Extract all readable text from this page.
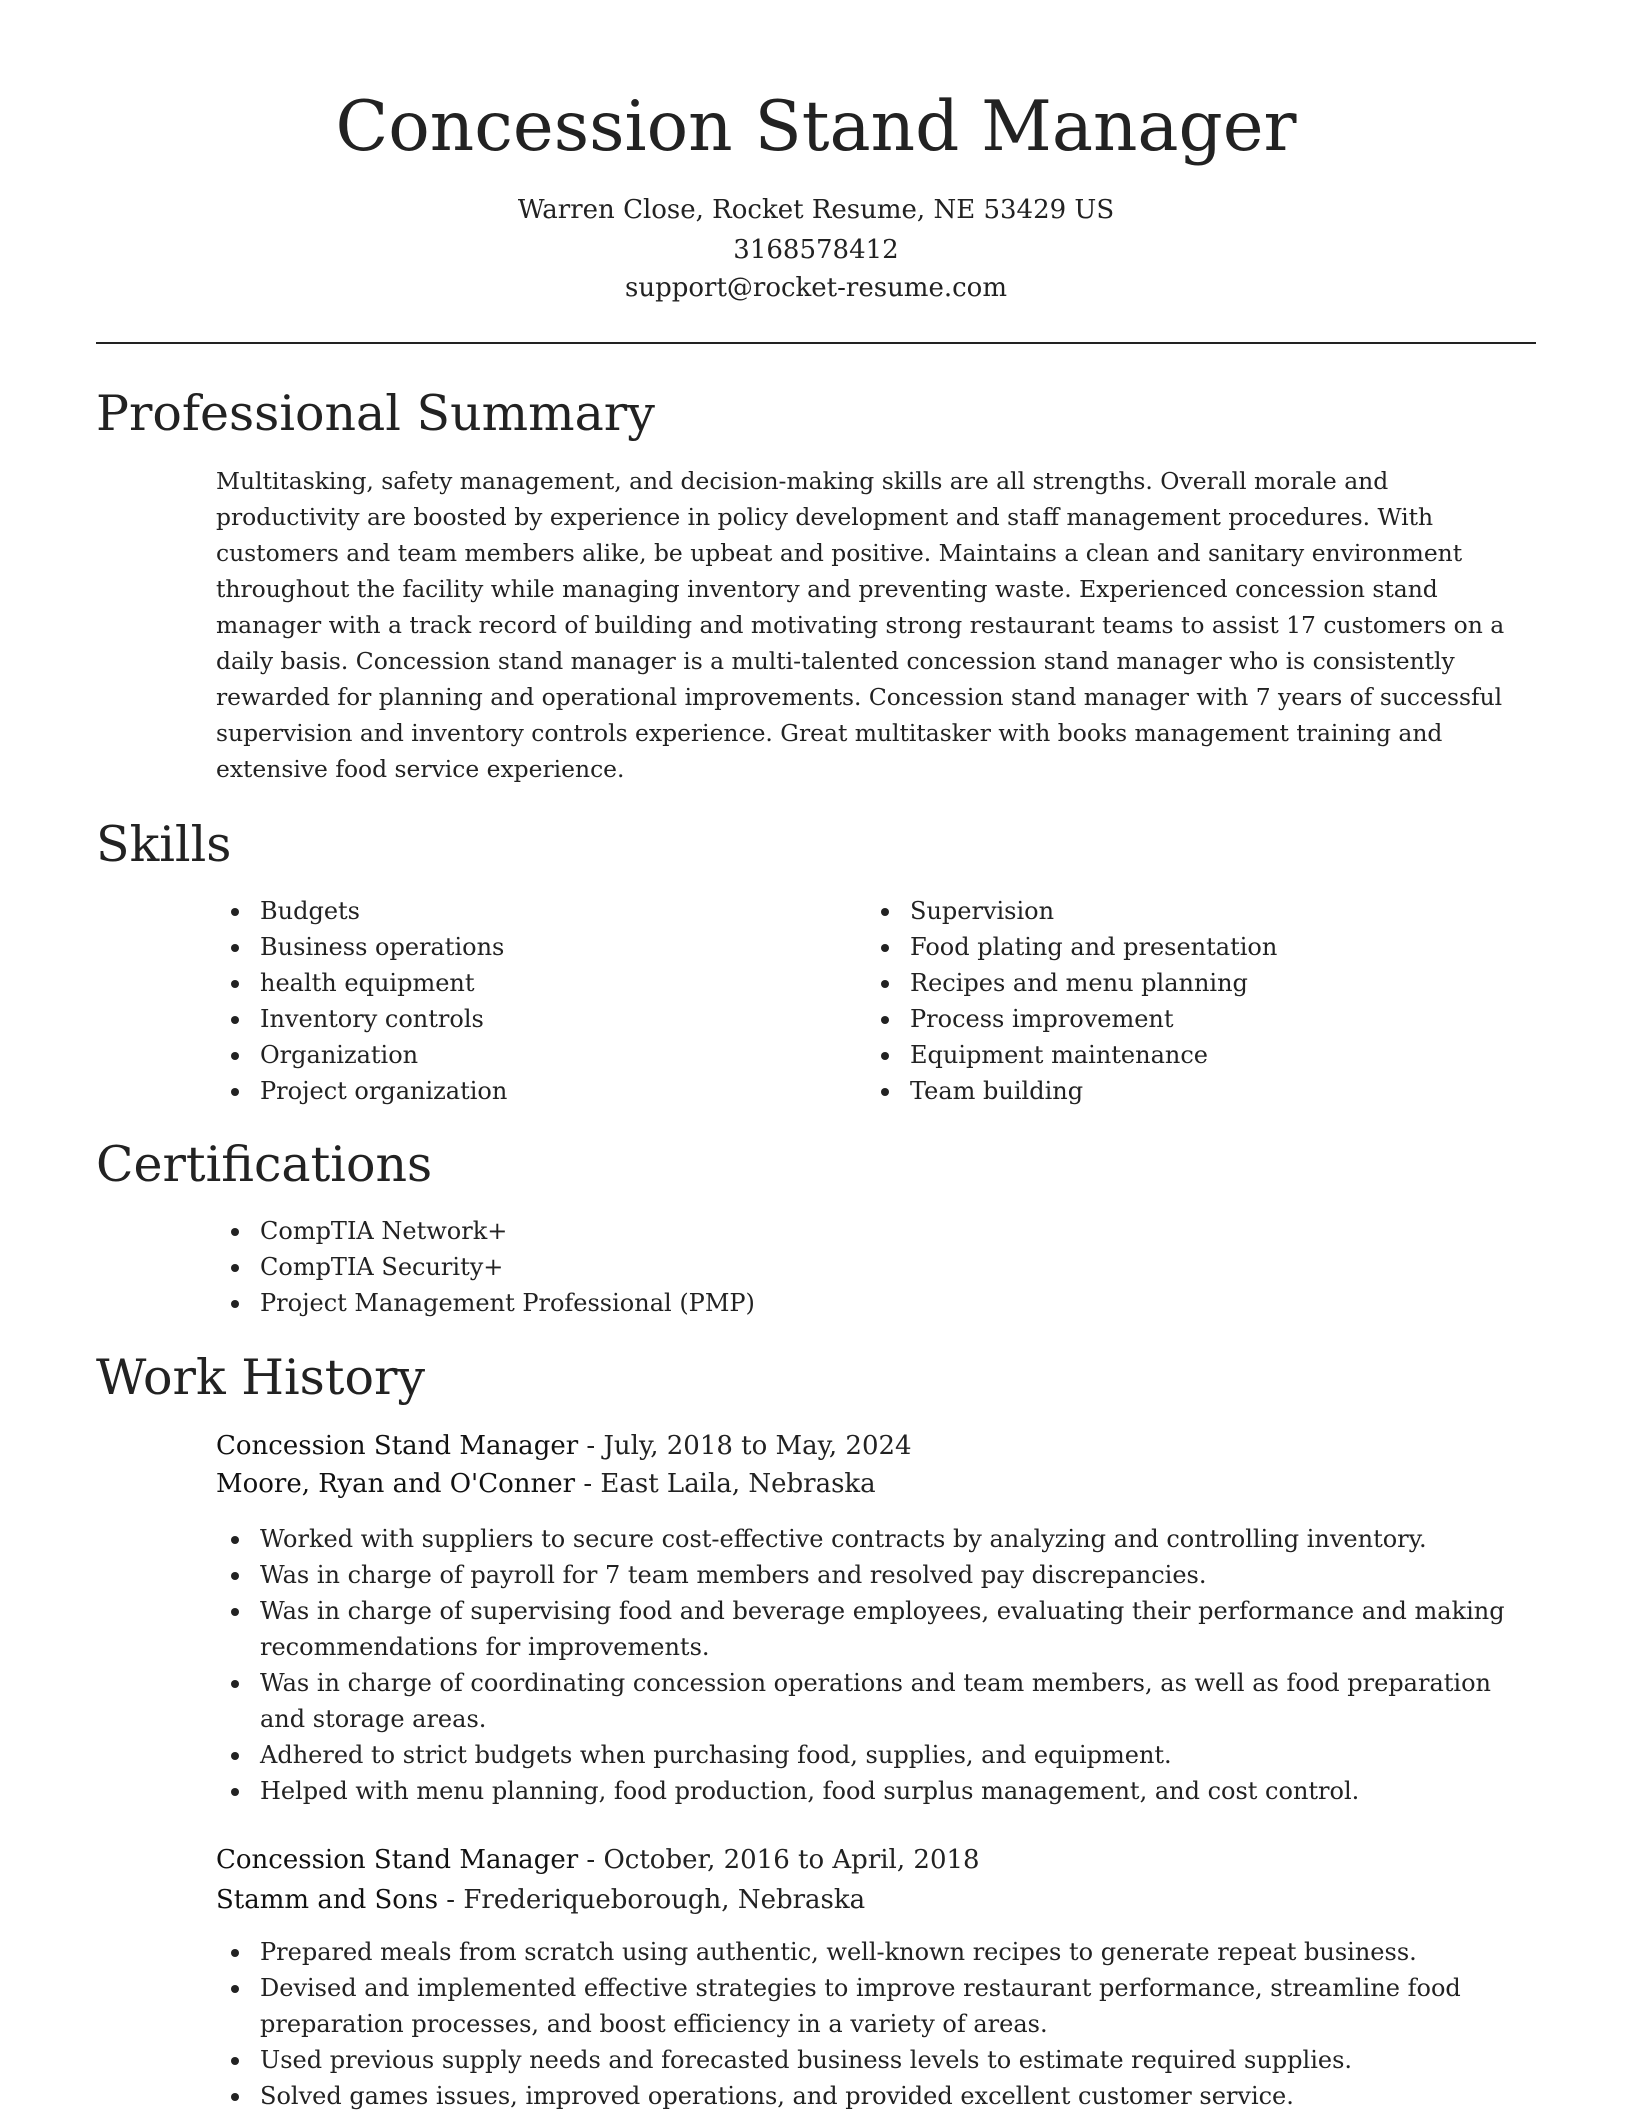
Concession Stand Manager
Warren Close, Rocket Resume, NE 53429 US
3168578412
support@rocket-resume.com
Professional Summary

Multitasking, safety management, and decision-making skills are all strengths. Overall morale and productivity are boosted by experience in policy development and staff management procedures. With customers and team members alike, be upbeat and positive. Maintains a clean and sanitary environment throughout the facility while managing inventory and preventing waste. Experienced concession stand manager with a track record of building and motivating strong restaurant teams to assist 17 customers on a daily basis. Concession stand manager is a multi-talented concession stand manager who is consistently rewarded for planning and operational improvements. Concession stand manager with 7 years of successful supervision and inventory controls experience. Great multitasker with books management training and extensive food service experience.

Skills
Budgets
Business operations
health equipment
Inventory controls
Organization
Project organization
Supervision
Food plating and presentation
Recipes and menu planning
Process improvement
Equipment maintenance
Team building
Certifications
CompTIA Network+
CompTIA Security+
Project Management Professional (PMP)
Work History
Concession Stand Manager - July, 2018 to May, 2024
Moore, Ryan and O'Conner - East Laila, Nebraska
Worked with suppliers to secure cost-effective contracts by analyzing and controlling inventory.
Was in charge of payroll for 7 team members and resolved pay discrepancies.
Was in charge of supervising food and beverage employees, evaluating their performance and making recommendations for improvements.
Was in charge of coordinating concession operations and team members, as well as food preparation and storage areas.
Adhered to strict budgets when purchasing food, supplies, and equipment.
Helped with menu planning, food production, food surplus management, and cost control.
Concession Stand Manager - October, 2016 to April, 2018
Stamm and Sons - Frederiqueborough, Nebraska
Prepared meals from scratch using authentic, well-known recipes to generate repeat business.
Devised and implemented effective strategies to improve restaurant performance, streamline food preparation processes, and boost efficiency in a variety of areas.
Used previous supply needs and forecasted business levels to estimate required supplies.
Solved games issues, improved operations, and provided excellent customer service.
